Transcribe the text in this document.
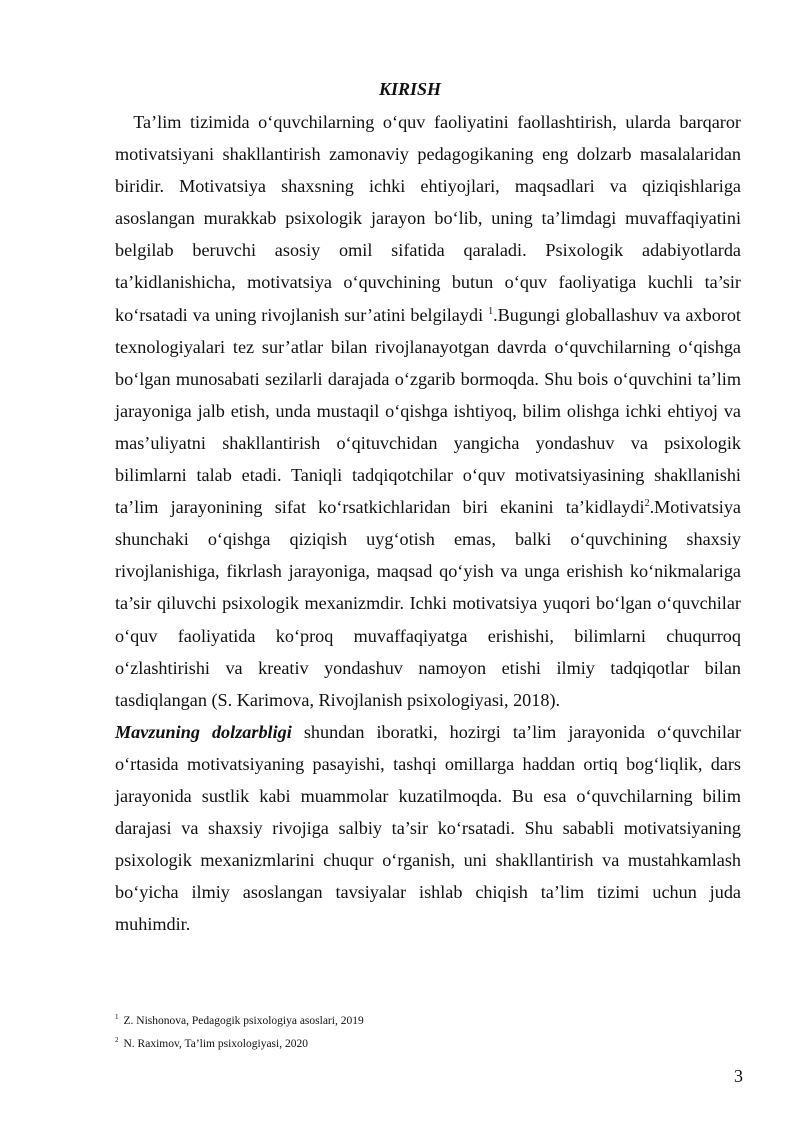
KIRISH

 Ta’lim tizimida o‘quvchilarning o‘quv faoliyatini faollashtirish, ularda barqaror motivatsiyani shakllantirish zamonaviy pedagogikaning eng dolzarb masalalaridan biridir. Motivatsiya shaxsning ichki ehtiyojlari, maqsadlari va qiziqishlariga asoslangan murakkab psixologik jarayon bo‘lib, uning ta’limdagi muvaffaqiyatini belgilab beruvchi asosiy omil sifatida qaraladi. Psixologik adabiyotlarda ta’kidlanishicha, motivatsiya o‘quvchining butun o‘quv faoliyatiga kuchli ta’sir ko‘rsatadi va uning rivojlanish sur’atini belgilaydi $^1$.Bugungi globallashuv va axborot texnologiyalari tez sur’atlar bilan rivojlanayotgan davrda o‘quvchilarning o‘qishga bo‘lgan munosabati sezilarli darajada o‘zgarib bormoqda. Shu bois o‘quvchini ta’lim jarayoniga jalb etish, unda mustaqil o‘qishga ishtiyoq, bilim olishga ichki ehtiyoj va mas’uliyatni shakllantirish o‘qituvchidan yangicha yondashuv va psixologik bilimlarni talab etadi. Taniqli tadqiqotchilar o‘quv motivatsiyasining shakllanishi ta’lim jarayonining sifat ko‘rsatkichlaridan biri ekanini ta’kidlaydi$^2$.Motivatsiya shunchaki o‘qishga qiziqish uyg‘otish emas, balki o‘quvchining shaxsiy rivojlanishiga, fikrlash jarayoniga, maqsad qo‘yish va unga erishish ko‘nikmalariga ta’sir qiluvchi psixologik mexanizmdir. Ichki motivatsiya yuqori bo‘lgan o‘quvchilar o‘quv faoliyatida ko‘proq muvaffaqiyatga erishishi, bilimlarni chuqurroq o‘zlashtirishi va kreativ yondashuv namoyon etishi ilmiy tadqiqotlar bilan tasdiqlangan (S. Karimova, Rivojlanish psixologiyasi, 2018).

Mavzuning dolzarbligi shundan iboratki, hozirgi ta’lim jarayonida o‘quvchilar o‘rtasida motivatsiyaning pasayishi, tashqi omillarga haddan ortiq bog‘liqlik, dars jarayonida sustlik kabi muammolar kuzatilmoqda. Bu esa o‘quvchilarning bilim darajasi va shaxsiy rivojiga salbiy ta’sir ko‘rsatadi. Shu sababli motivatsiyaning psixologik mexanizmlarini chuqur o‘rganish, uni shakllantirish va mustahkamlash bo‘yicha ilmiy asoslangan tavsiyalar ishlab chiqish ta’lim tizimi uchun juda muhimdir.

$^1$ Z. Nishonova, Pedagogik psixologiya asoslari, 2019

$^2$ N. Raximov, Ta’lim psixologiyasi, 2020

3
